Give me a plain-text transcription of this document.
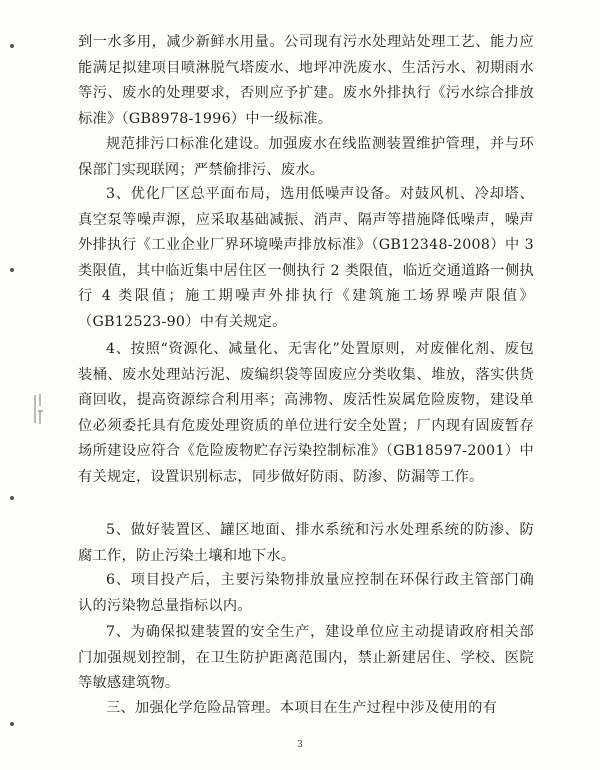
到一水多用，减少新鲜水用量。公司现有污水处理站处理工艺、能力应能满足拟建项目喷淋脱气塔废水、地坪冲洗废水、生活污水、初期雨水等污、废水的处理要求，否则应予扩建。废水外排执行《污水综合排放标准》（GB8978-1996）中一级标准。

规范排污口标准化建设。加强废水在线监测装置维护管理，并与环保部门实现联网；严禁偷排污、废水。

3、优化厂区总平面布局，选用低噪声设备。对鼓风机、冷却塔、真空泵等噪声源，应采取基础减振、消声、隔声等措施降低噪声，噪声外排执行《工业企业厂界环境噪声排放标准》（GB12348-2008）中 3 类限值，其中临近集中居住区一侧执行 2 类限值，临近交通道路一侧执行 4 类限值；施工期噪声外排执行《建筑施工场界噪声限值》（GB12523-90）中有关规定。

4、按照“资源化、减量化、无害化”处置原则，对废催化剂、废包装桶、废水处理站污泥、废编织袋等固废应分类收集、堆放，落实供货商回收，提高资源综合利用率；高沸物、废活性炭属危险废物，建设单位必须委托具有危废处理资质的单位进行安全处置；厂内现有固废暂存场所建设应符合《危险废物贮存污染控制标准》（GB18597-2001）中有关规定，设置识别标志，同步做好防雨、防渗、防漏等工作。

5、做好装置区、罐区地面、排水系统和污水处理系统的防渗、防腐工作，防止污染土壤和地下水。

6、项目投产后，主要污染物排放量应控制在环保行政主管部门确认的污染物总量指标以内。

7、为确保拟建装置的安全生产，建设单位应主动提请政府相关部门加强规划控制，在卫生防护距离范围内，禁止新建居住、学校、医院等敏感建筑物。

三、加强化学危险品管理。本项目在生产过程中涉及使用的有

3
